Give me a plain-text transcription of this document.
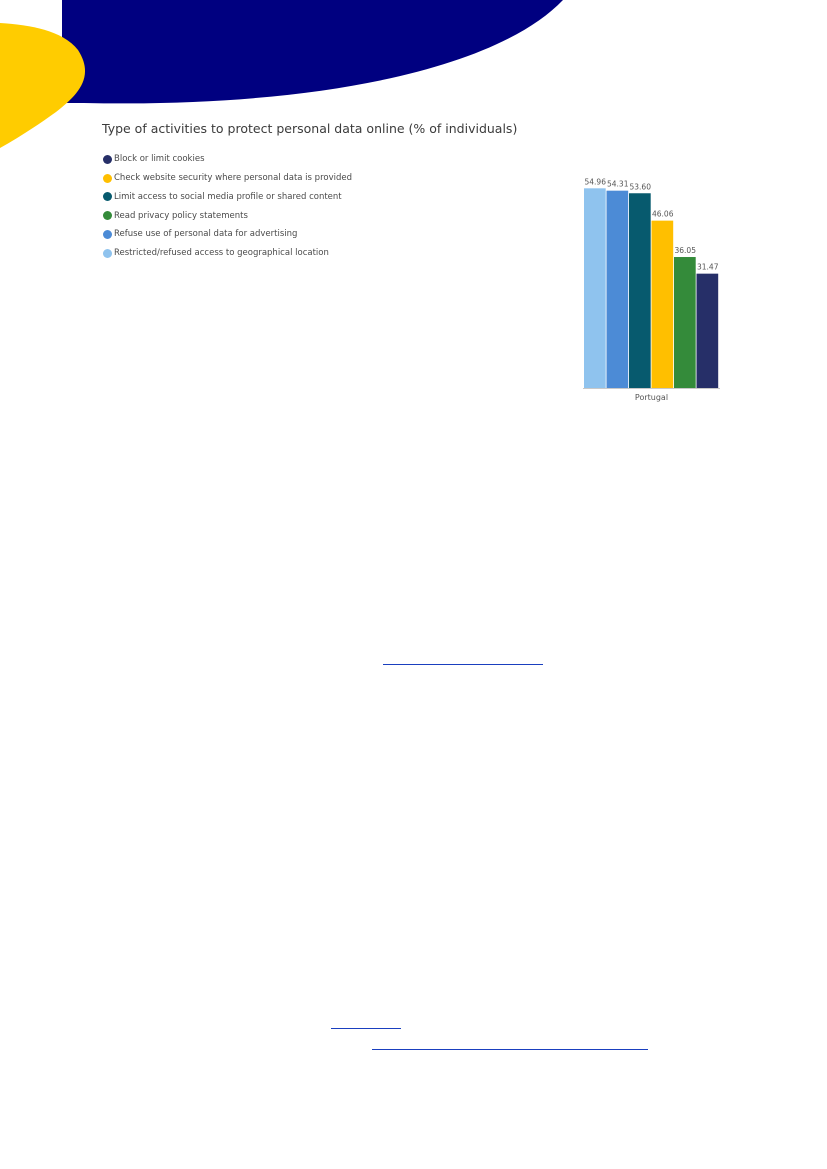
Type of activities to protect personal data online (% of individuals)
Block or limit cookies
Check website security where personal data is provided
Limit access to social media profile or shared content
Read privacy policy statements
Refuse use of personal data for advertising
Restricted/refused access to geographical location
54.96 54.31 53.60
46.06
36.05
31.47
Portugal
